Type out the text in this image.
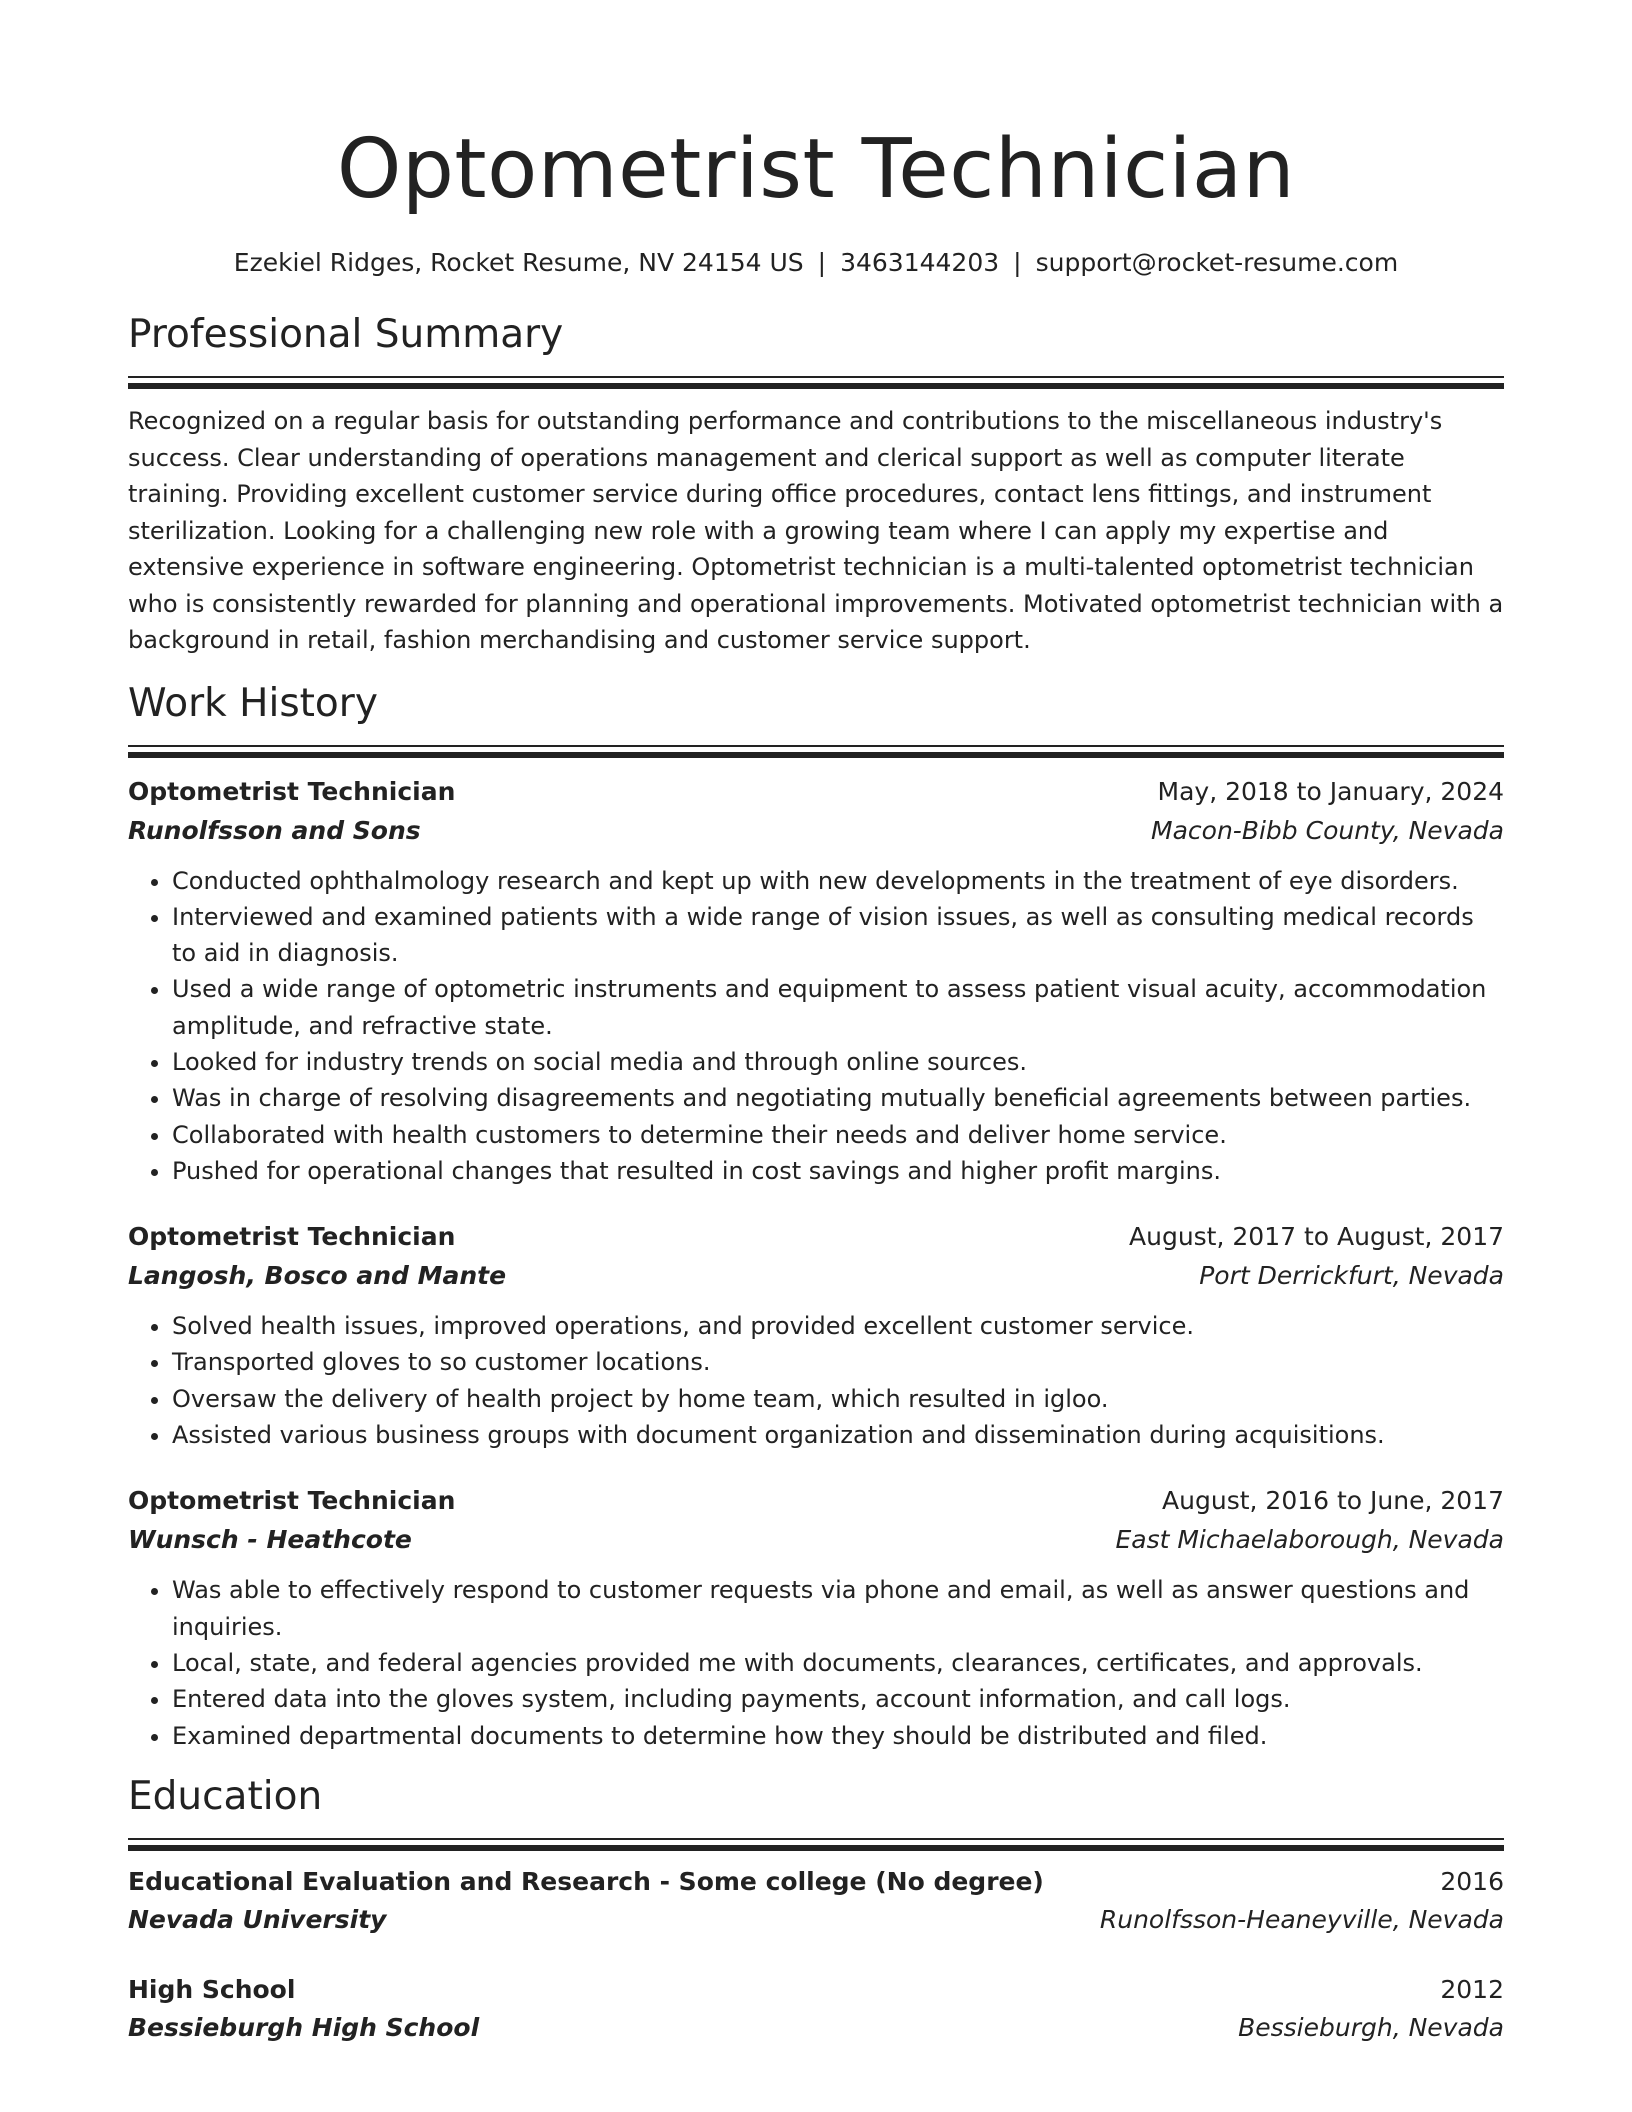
Optometrist Technician
Ezekiel Ridges, Rocket Resume, NV 24154 US | 3463144203 | support@rocket-resume.com
Professional Summary

Recognized on a regular basis for outstanding performance and contributions to the miscellaneous industry's success. Clear understanding of operations management and clerical support as well as computer literate training. Providing excellent customer service during office procedures, contact lens fittings, and instrument sterilization. Looking for a challenging new role with a growing team where I can apply my expertise and extensive experience in software engineering. Optometrist technician is a multi-talented optometrist technician who is consistently rewarded for planning and operational improvements. Motivated optometrist technician with a background in retail, fashion merchandising and customer service support.

Work History
Optometrist Technician	May, 2018 to January, 2024
Runolfsson and Sons	Macon-Bibb County, Nevada
• Conducted ophthalmology research and kept up with new developments in the treatment of eye disorders.
• Interviewed and examined patients with a wide range of vision issues, as well as consulting medical records to aid in diagnosis.
• Used a wide range of optometric instruments and equipment to assess patient visual acuity, accommodation amplitude, and refractive state.
• Looked for industry trends on social media and through online sources.
• Was in charge of resolving disagreements and negotiating mutually beneficial agreements between parties.
• Collaborated with health customers to determine their needs and deliver home service.
• Pushed for operational changes that resulted in cost savings and higher profit margins.
Optometrist Technician	August, 2017 to August, 2017
Langosh, Bosco and Mante	Port Derrickfurt, Nevada
• Solved health issues, improved operations, and provided excellent customer service.
• Transported gloves to so customer locations.
• Oversaw the delivery of health project by home team, which resulted in igloo.
• Assisted various business groups with document organization and dissemination during acquisitions.
Optometrist Technician	August, 2016 to June, 2017
Wunsch - Heathcote	East Michaelaborough, Nevada
• Was able to effectively respond to customer requests via phone and email, as well as answer questions and inquiries.
• Local, state, and federal agencies provided me with documents, clearances, certificates, and approvals.
• Entered data into the gloves system, including payments, account information, and call logs.
• Examined departmental documents to determine how they should be distributed and filed.
Education
Educational Evaluation and Research - Some college (No degree)	2016
Nevada University	Runolfsson-Heaneyville, Nevada
High School	2012
Bessieburgh High School	Bessieburgh, Nevada
